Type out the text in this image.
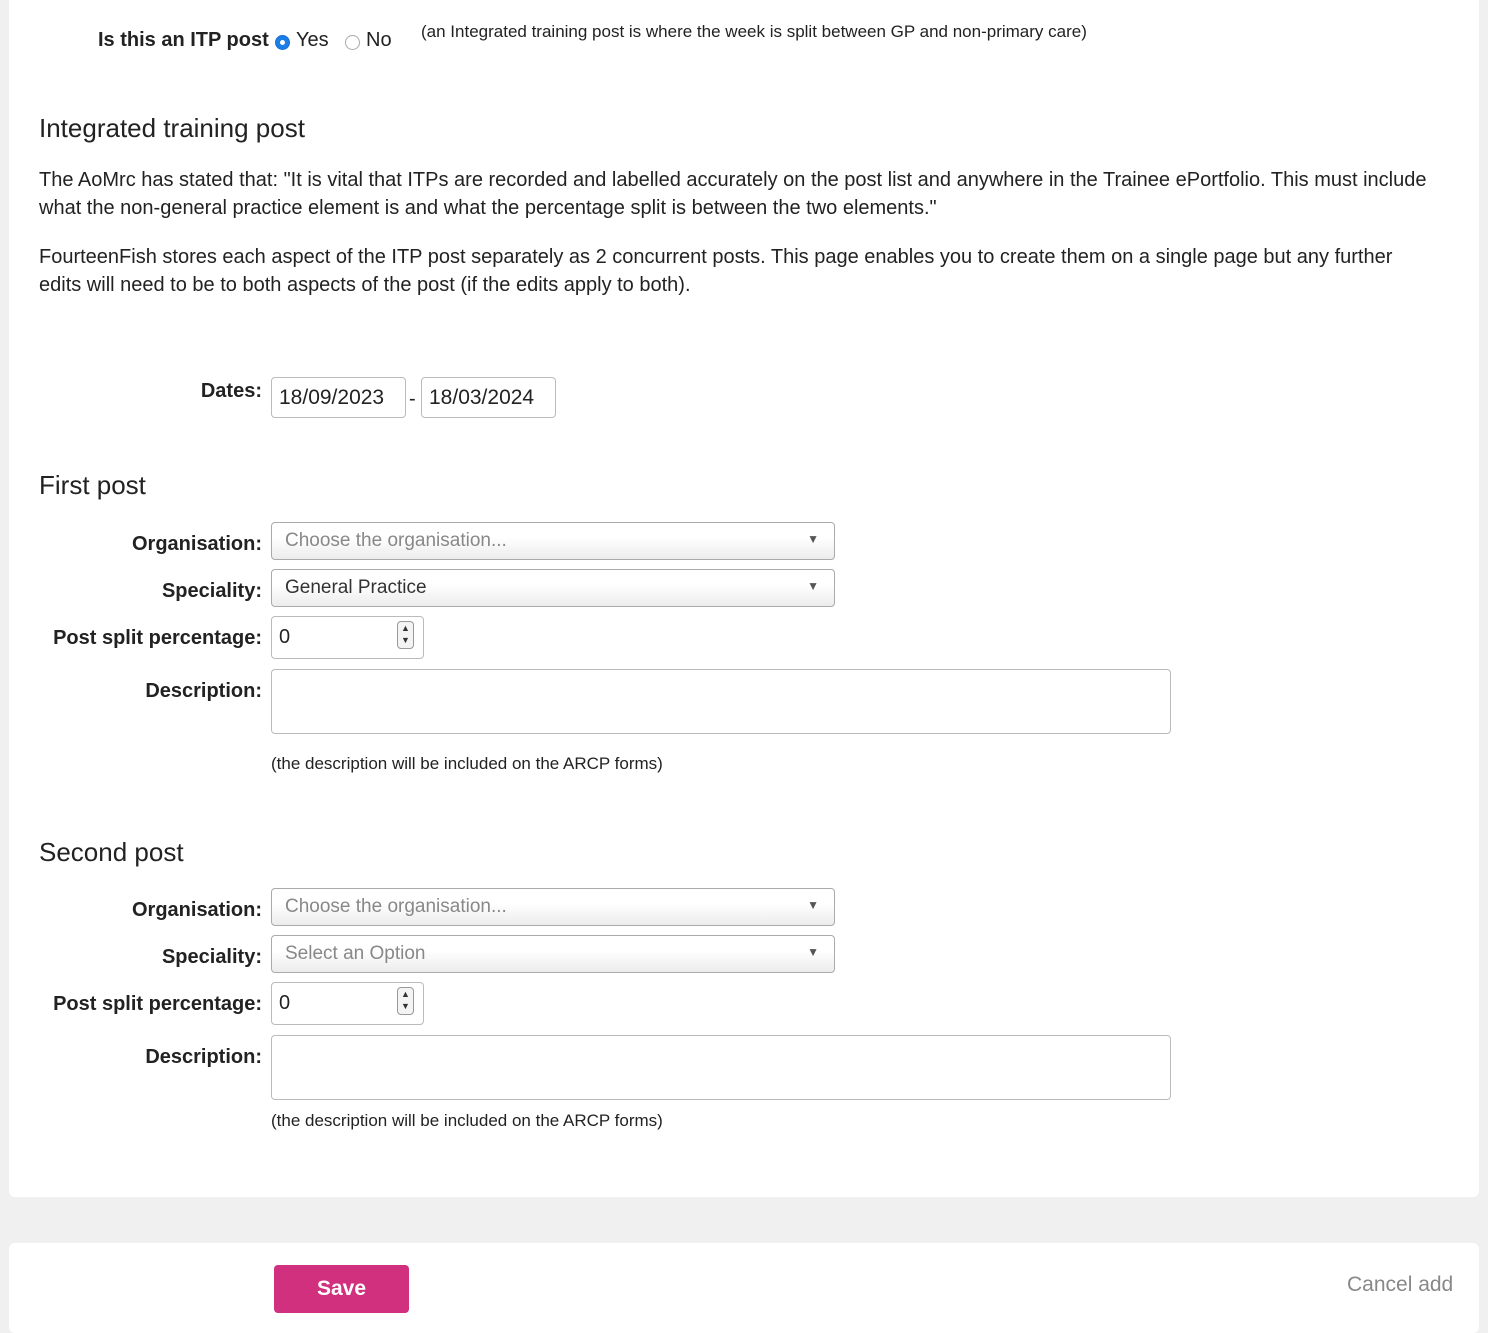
Is this an ITP post Yes No (an Integrated training post is where the week is split between GP and non-primary care)
Integrated training post
The AoMrc has stated that: "It is vital that ITPs are recorded and labelled accurately on the post list and anywhere in the Trainee ePortfolio. This must include what the non-general practice element is and what the percentage split is between the two elements."
FourteenFish stores each aspect of the ITP post separately as 2 concurrent posts. This page enables you to create them on a single page but any further edits will need to be to both aspects of the post (if the edits apply to both).
Dates: 18/09/2023	- 18/03/2024
First post
Organisation:	Choose the organisation...	▼
Speciality:	General Practice	▼
Post split percentage: 0	▲
▼
Description:
(the description will be included on the ARCP forms)
Second post
Organisation:	Choose the organisation...	▼
Speciality:	Select an Option	▼
Post split percentage: 0	▲
▼
Description:
(the description will be included on the ARCP forms)
Save	Cancel add
